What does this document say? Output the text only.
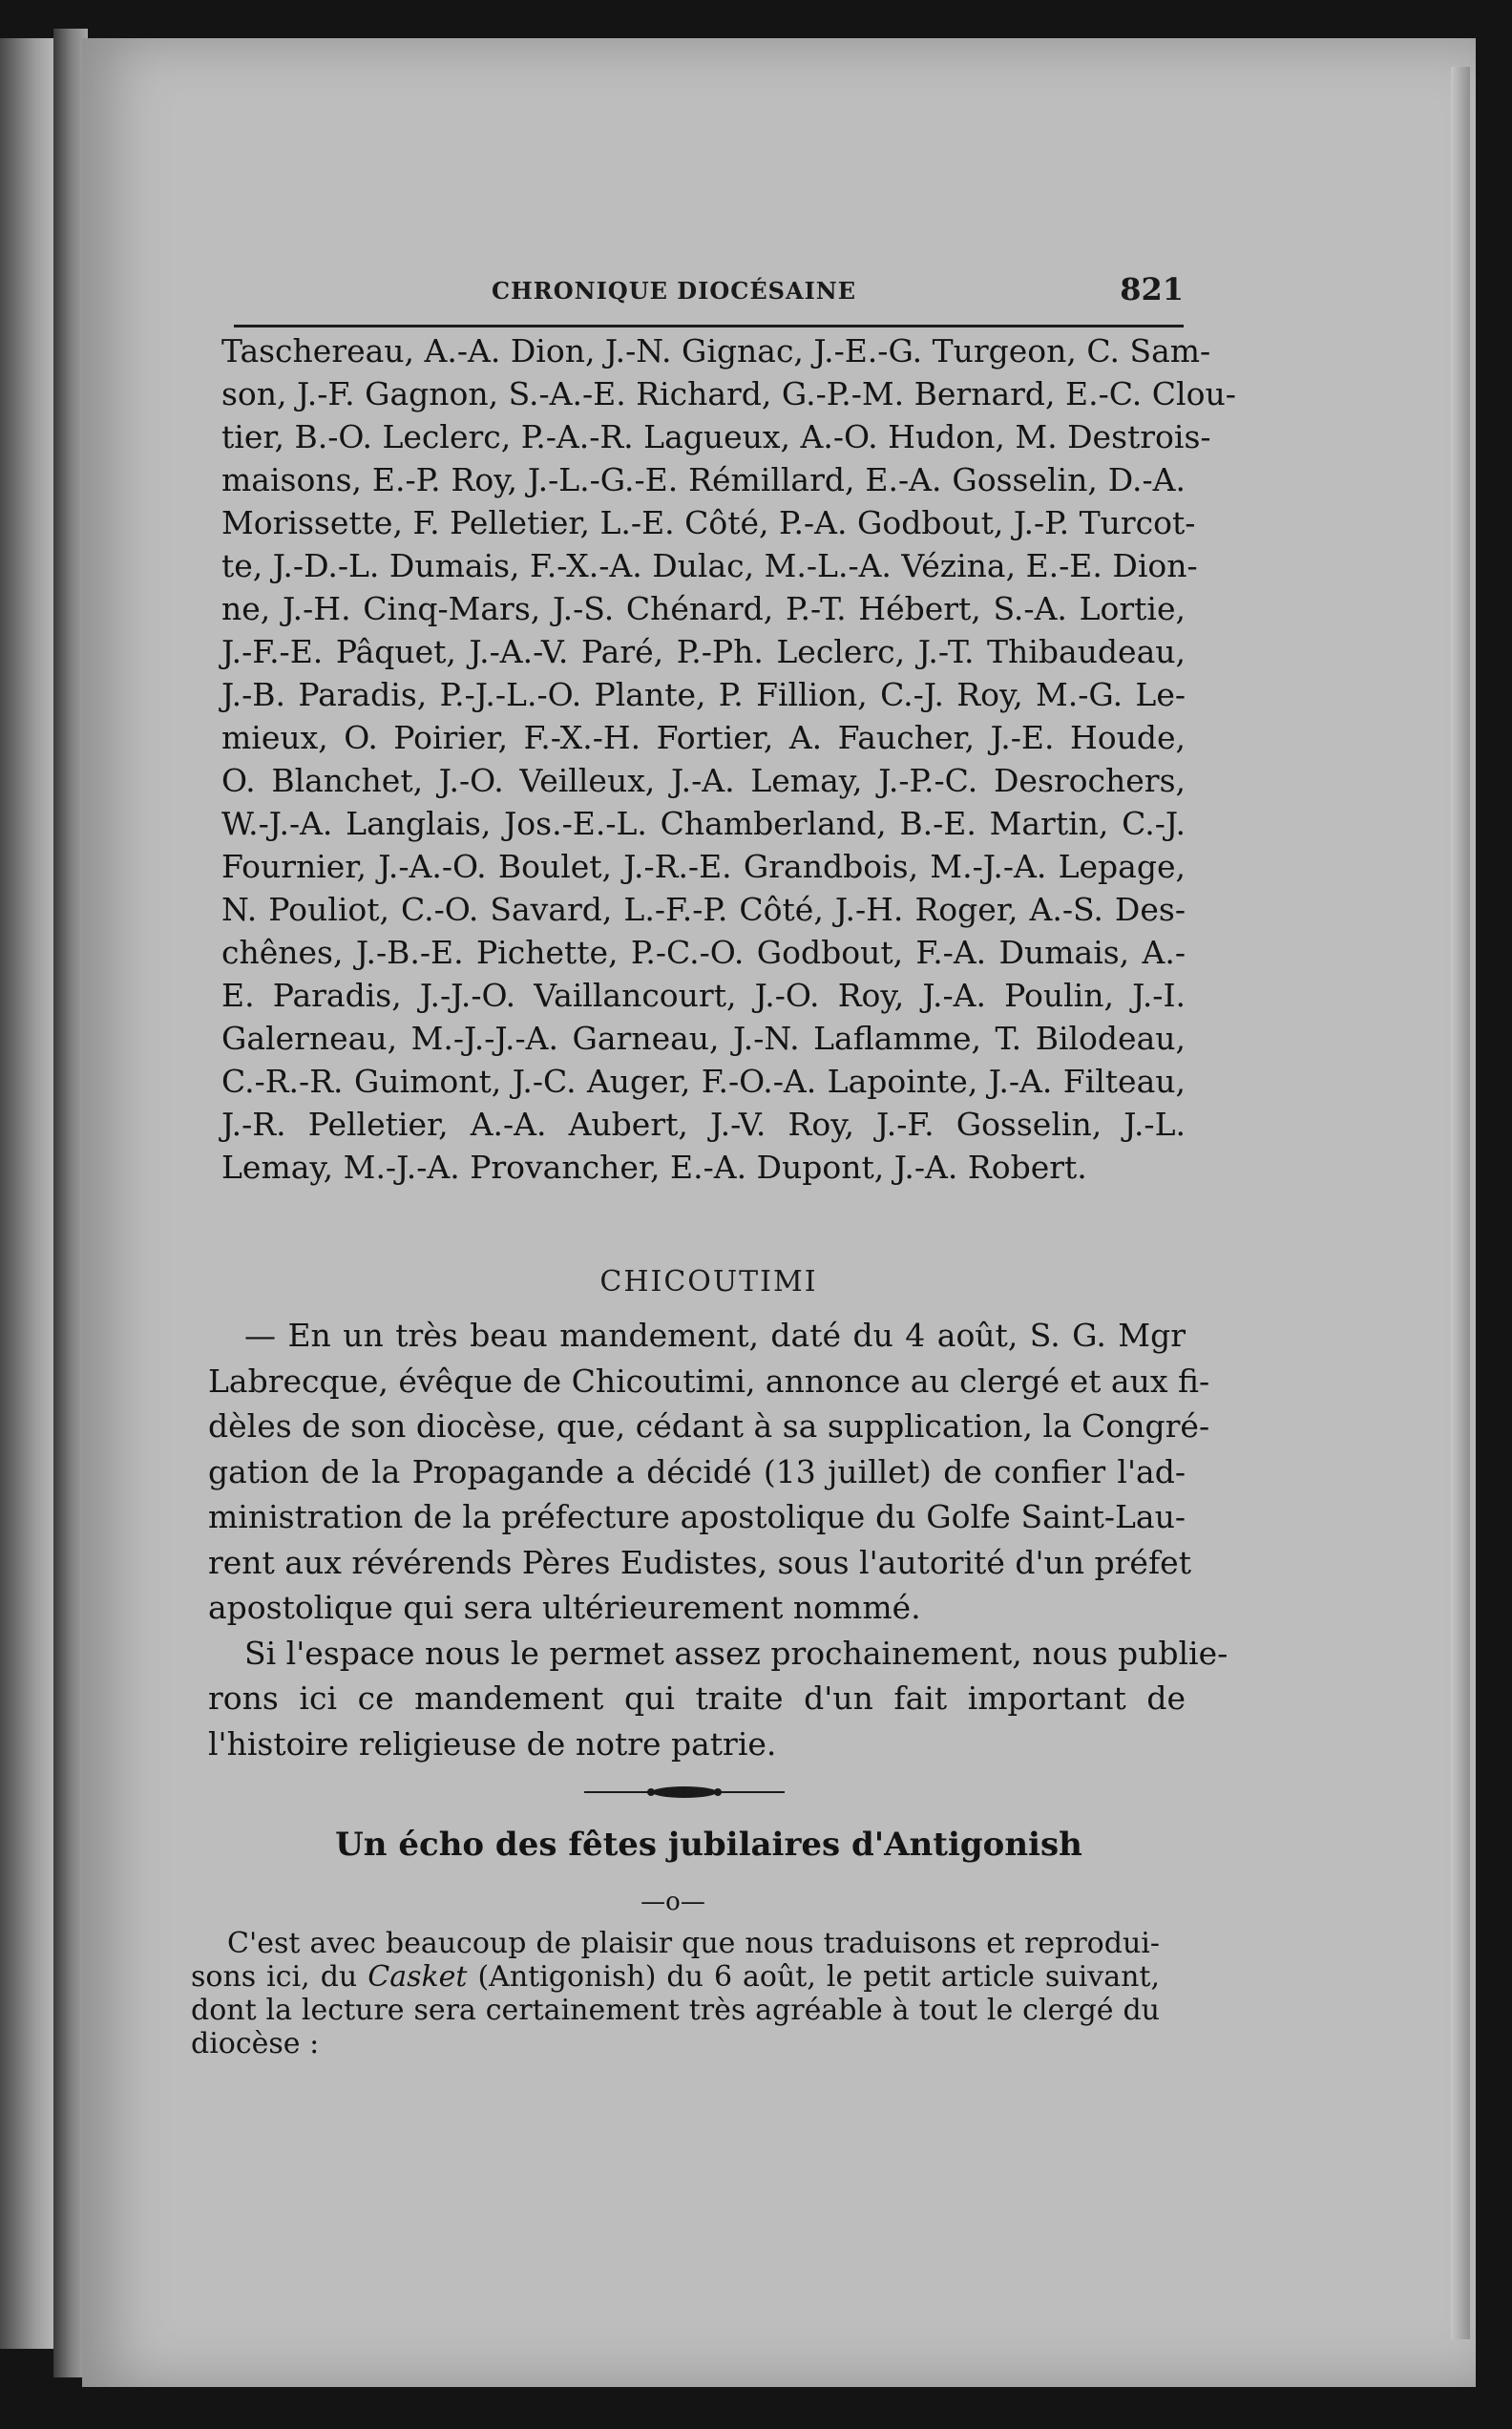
CHRONIQUE DIOCÉSAINE	821
Taschereau, A.-A. Dion, J.-N. Gignac, J.-E.-G. Turgeon, C. Sam-
son, J.-F. Gagnon, S.-A.-E. Richard, G.-P.-M. Bernard, E.-C. Clou-
tier, B.-O. Leclerc, P.-A.-R. Lagueux, A.-O. Hudon, M. Destrois-
maisons, E.-P. Roy, J.-L.-G.-E. Rémillard, E.-A. Gosselin, D.-A.
Morissette, F. Pelletier, L.-E. Côté, P.-A. Godbout, J.-P. Turcot-
te, J.-D.-L. Dumais, F.-X.-A. Dulac, M.-L.-A. Vézina, E.-E. Dion-
ne, J.-H. Cinq-Mars, J.-S. Chénard, P.-T. Hébert, S.-A. Lortie,
J.-F.-E. Pâquet, J.-A.-V. Paré, P.-Ph. Leclerc, J.-T. Thibaudeau,
J.-B. Paradis, P.-J.-L.-O. Plante, P. Fillion, C.-J. Roy, M.-G. Le-
mieux, O. Poirier, F.-X.-H. Fortier, A. Faucher, J.-E. Houde,
O. Blanchet, J.-O. Veilleux, J.-A. Lemay, J.-P.-C. Desrochers,
W.-J.-A. Langlais, Jos.-E.-L. Chamberland, B.-E. Martin, C.-J.
Fournier, J.-A.-O. Boulet, J.-R.-E. Grandbois, M.-J.-A. Lepage,
N. Pouliot, C.-O. Savard, L.-F.-P. Côté, J.-H. Roger, A.-S. Des-
chênes, J.-B.-E. Pichette, P.-C.-O. Godbout, F.-A. Dumais, A.-
E. Paradis, J.-J.-O. Vaillancourt, J.-O. Roy, J.-A. Poulin, J.-I.
Galerneau, M.-J.-J.-A. Garneau, J.-N. Laflamme, T. Bilodeau,
C.-R.-R. Guimont, J.-C. Auger, F.-O.-A. Lapointe, J.-A. Filteau,
J.-R. Pelletier, A.-A. Aubert, J.-V. Roy, J.-F. Gosselin, J.-L.
Lemay, M.-J.-A. Provancher, E.-A. Dupont, J.-A. Robert.
CHICOUTIMI
— En un très beau mandement, daté du 4 août, S. G. Mgr
Labrecque, évêque de Chicoutimi, annonce au clergé et aux fi-
dèles de son diocèse, que, cédant à sa supplication, la Congré-
gation de la Propagande a décidé (13 juillet) de confier l'ad-
ministration de la préfecture apostolique du Golfe Saint-Lau-
rent aux révérends Pères Eudistes, sous l'autorité d'un préfet
apostolique qui sera ultérieurement nommé.
Si l'espace nous le permet assez prochainement, nous publie-
rons ici ce mandement qui traite d'un fait important de
l'histoire religieuse de notre patrie.
Un écho des fêtes jubilaires d'Antigonish
—o—
C'est avec beaucoup de plaisir que nous traduisons et reprodui-
sons ici, du Casket (Antigonish) du 6 août, le petit article suivant,
dont la lecture sera certainement très agréable à tout le clergé du
diocèse :
